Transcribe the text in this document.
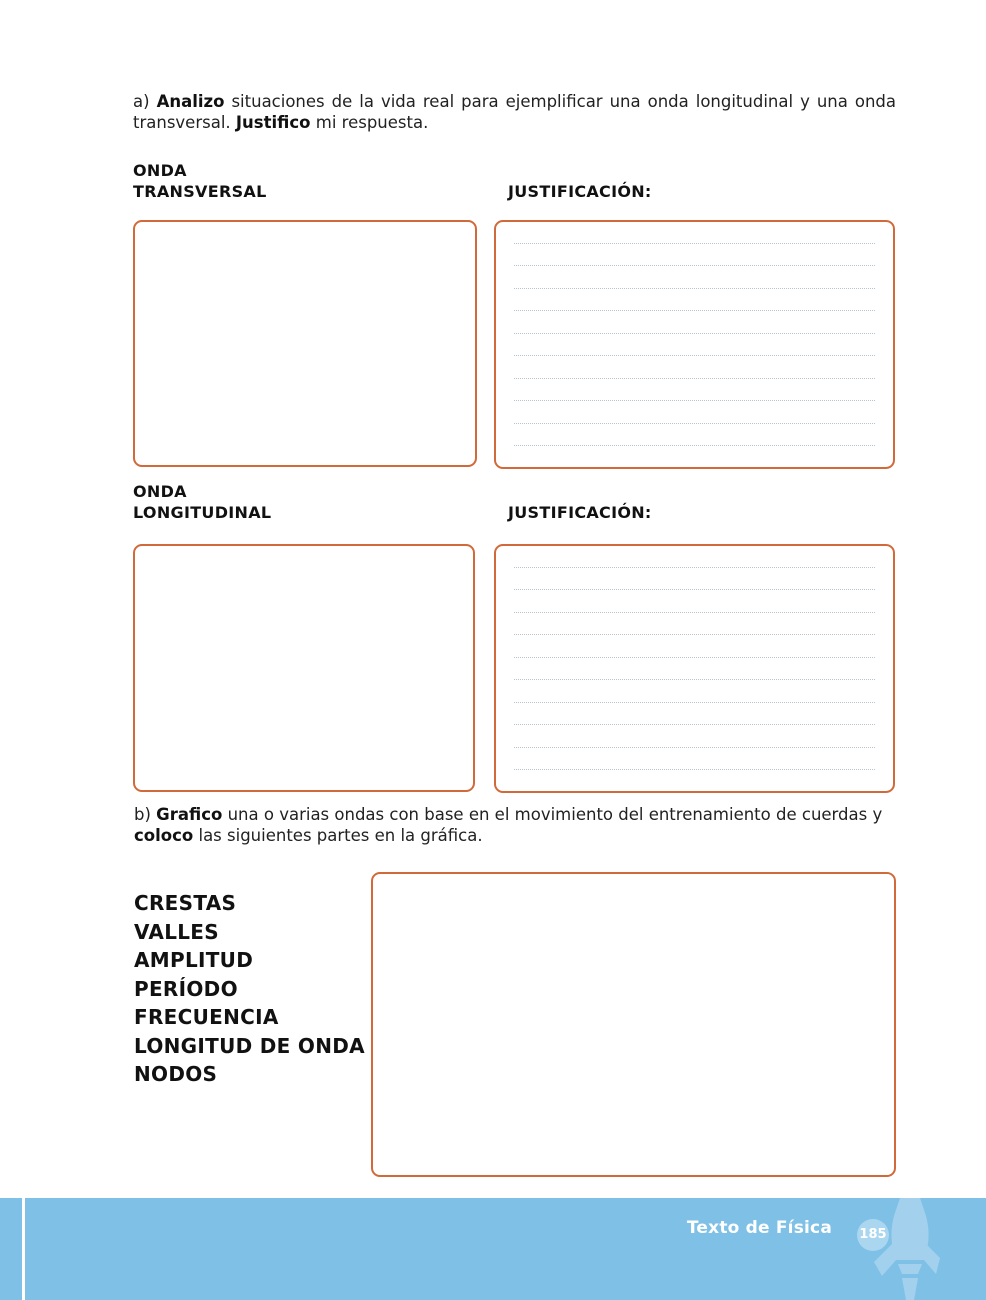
a) Analizo situaciones de la vida real para ejemplificar una onda longitudinal y una onda transversal. Justifico mi respuesta.
ONDA
TRANSVERSAL	JUSTIFICACIÓN:
ONDA
LONGITUDINAL	JUSTIFICACIÓN:
b) Grafico una o varias ondas con base en el movimiento del entrenamiento de cuerdas y coloco las siguientes partes en la gráfica.
CRESTAS
VALLES
AMPLITUD
PERÍODO
FRECUENCIA
LONGITUD DE ONDA
NODOS
Texto de Física	185
